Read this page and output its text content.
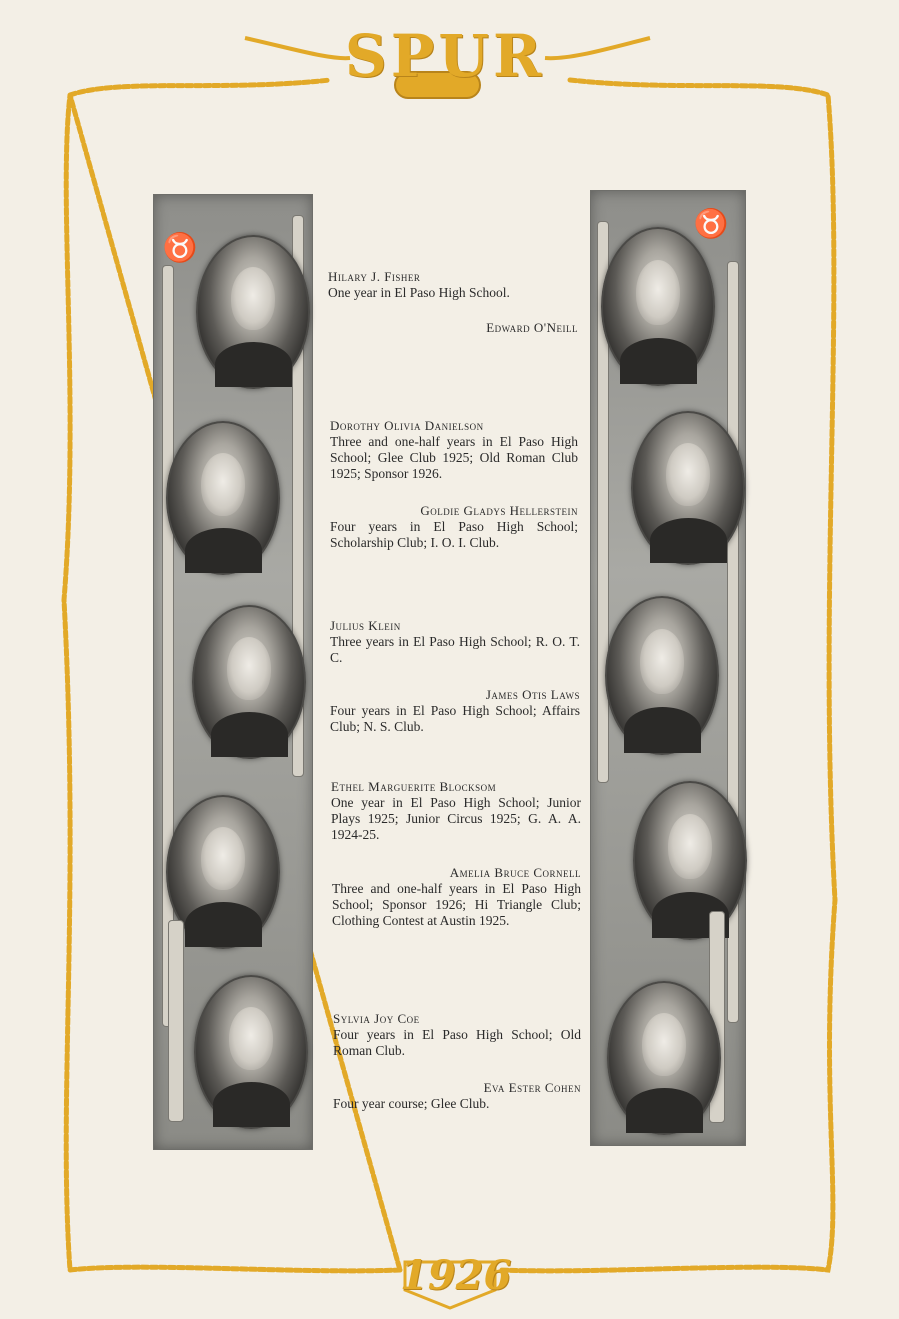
SPUR
1926
♉
♉
Hilary J. Fisher
One year in El Paso High School.
Edward O'Neill
Dorothy Olivia Danielson
Three and one-half years in El Paso High School; Glee Club 1925; Old Roman Club 1925; Sponsor 1926.
Goldie Gladys Hellerstein
Four years in El Paso High School; Scholarship Club; I. O. I. Club.
Julius Klein
Three years in El Paso High School; R. O. T. C.
James Otis Laws
Four years in El Paso High School; Affairs Club; N. S. Club.
Ethel Marguerite Blocksom
One year in El Paso High School; Junior Plays 1925; Junior Circus 1925; G. A. A. 1924-25.
Amelia Bruce Cornell
Three and one-half years in El Paso High School; Sponsor 1926; Hi Triangle Club; Clothing Contest at Austin 1925.
Sylvia Joy Coe
Four years in El Paso High School; Old Roman Club.
Eva Ester Cohen
Four year course; Glee Club.
